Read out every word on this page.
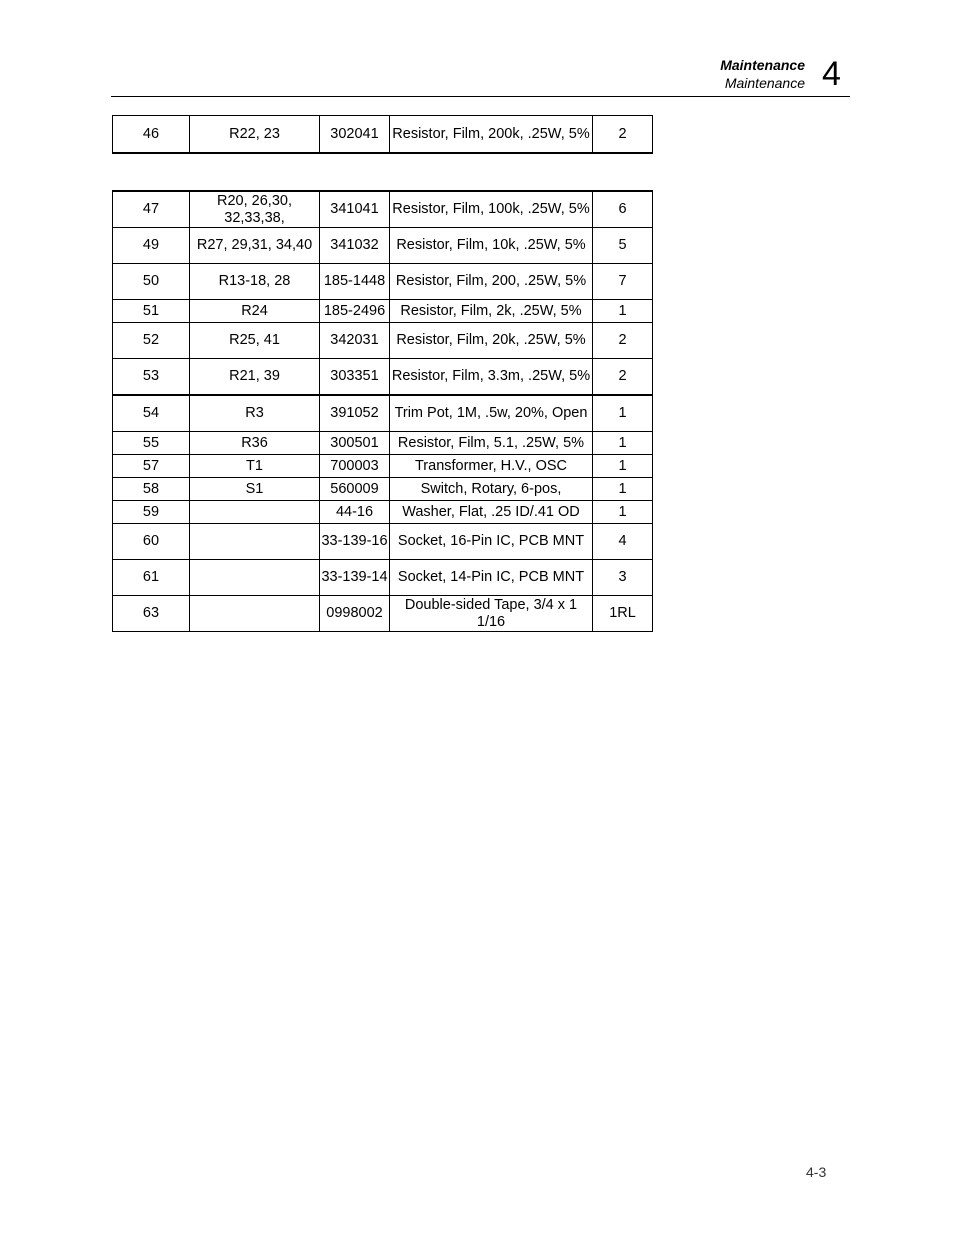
Maintenance
Maintenance 4
46	R22, 23	302041	Resistor, Film, 200k, .25W, 5%	2
47	R20, 26,30, 32,33,38,	341041	Resistor, Film, 100k, .25W, 5%	6
49	R27, 29,31, 34,40	341032	Resistor, Film, 10k, .25W, 5%	5
50	R13-18, 28	185-1448	Resistor, Film, 200, .25W, 5%	7
51	R24	185-2496	Resistor, Film, 2k, .25W, 5%	1
52	R25, 41	342031	Resistor, Film, 20k, .25W, 5%	2
53	R21, 39	303351	Resistor, Film, 3.3m, .25W, 5%	2
54	R3	391052	Trim Pot, 1M, .5w, 20%, Open	1
55	R36	300501	Resistor, Film, 5.1, .25W, 5%	1
57	T1	700003	Transformer, H.V., OSC	1
58	S1	560009	Switch, Rotary, 6-pos,	1
59		44-16	Washer, Flat, .25 ID/.41 OD	1
60		33-139-16	Socket, 16-Pin IC, PCB MNT	4
61		33-139-14	Socket, 14-Pin IC, PCB MNT	3
63		0998002	Double-sided Tape, 3/4 x 1 1/16	1RL
4-3
